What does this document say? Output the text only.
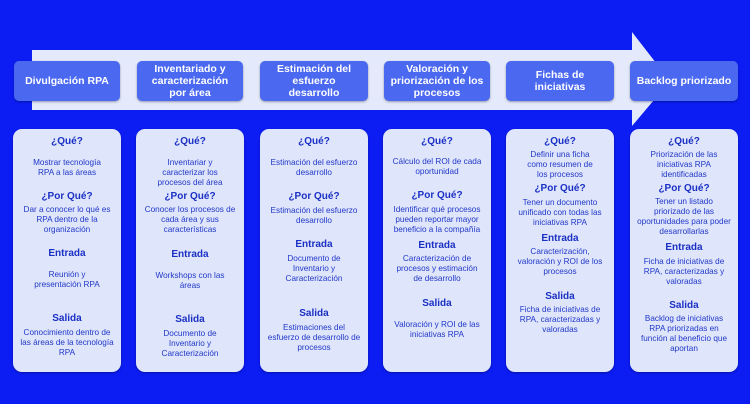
Divulgación RPA
Inventariado y caracterización por área
Estimación del esfuerzo desarrollo
Valoración y priorización de los procesos
Fichas de iniciativas	Backlog priorizado
¿Qué?
Mostrar tecnología RPA a las áreas
¿Por Qué?
Dar a conocer lo qué es RPA dentro de la organización
Entrada
Reunión y presentación RPA
Salida
Conocimiento dentro de las áreas de la tecnología RPA
¿Qué?
Inventariar y caracterizar los procesos del área
¿Por Qué?
Conocer los procesos de cada área y sus características
Entrada
Workshops con las áreas
Salida
Documento de Inventario y Caracterización
¿Qué?
Estimación del esfuerzo desarrollo
¿Por Qué?
Estimación del esfuerzo desarrollo
Entrada
Documento de Inventario y Caracterización
Salida
Estimaciones del esfuerzo de desarrollo de procesos
¿Qué?
Cálculo del ROI de cada oportunidad
¿Por Qué?
Identificar qué procesos pueden reportar mayor beneficio a la compañía
Entrada
Caracterización de procesos y estimación de desarrollo
Salida
Valoración y ROI de las iniciativas RPA
¿Qué?
Definir una ficha como resumen de los procesos
¿Por Qué?
Tener un documento unificado con todas las iniciativas RPA
Entrada
Caracterización, valoración y ROI de los procesos
Salida
Ficha de iniciativas de RPA, caracterizadas y valoradas
¿Qué?
Priorización de las iniciativas RPA identificadas
¿Por Qué?
Tener un listado priorizado de las oportunidades para poder desarrollarlas
Entrada
Ficha de iniciativas de RPA, caracterizadas y valoradas
Salida
Backlog de iniciativas RPA priorizadas en función al beneficio que aportan
